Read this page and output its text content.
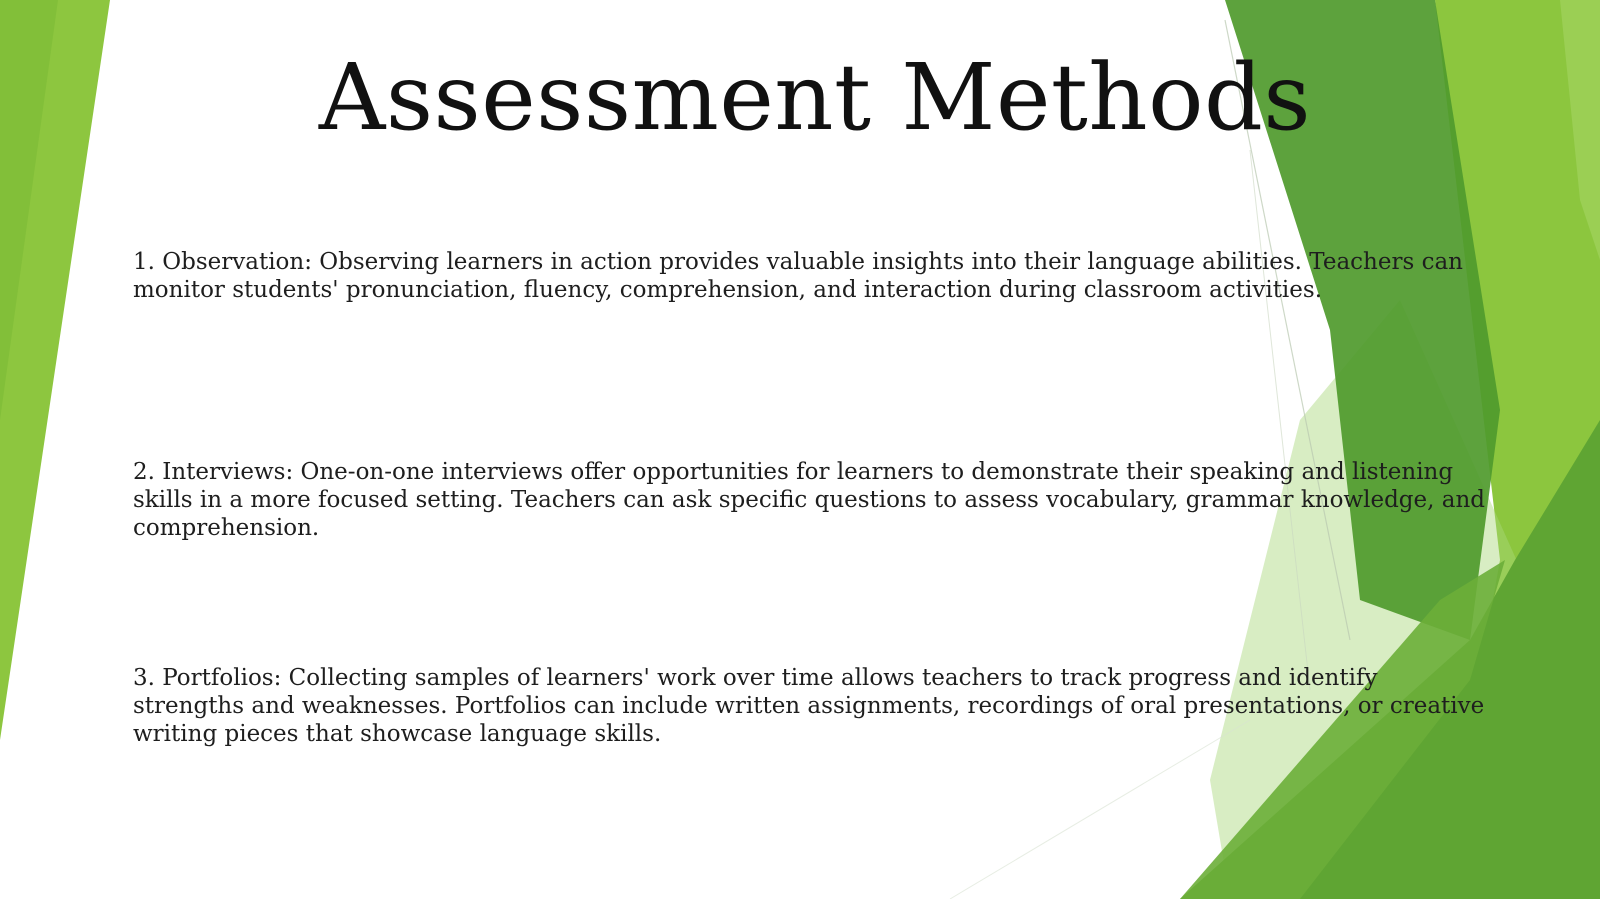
Assessment Methods

1. Observation: Observing learners in action provides valuable insights into their language abilities. Teachers can monitor students' pronunciation, fluency, comprehension, and interaction during classroom activities.

2. Interviews: One-on-one interviews offer opportunities for learners to demonstrate their speaking and listening skills in a more focused setting. Teachers can ask specific questions to assess vocabulary, grammar knowledge, and comprehension.

3. Portfolios: Collecting samples of learners' work over time allows teachers to track progress and identify strengths and weaknesses. Portfolios can include written assignments, recordings of oral presentations, or creative writing pieces that showcase language skills.
